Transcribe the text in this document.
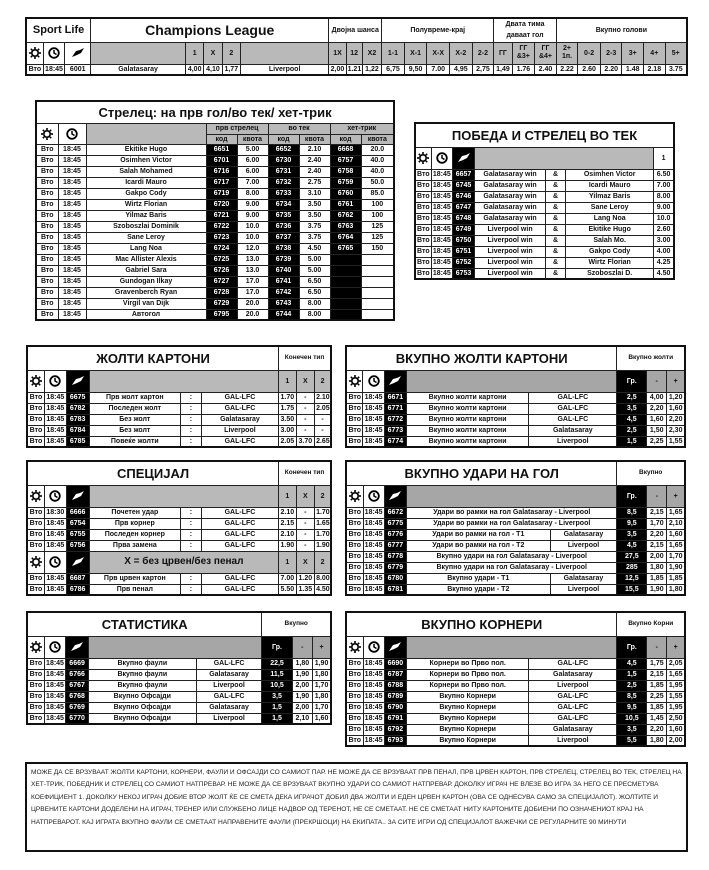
Sport Life			Champions League					Двојна шанса			Полувреме-крај					Двата тима даваат гол			Вкупно голови					

		1	X	2		1X	12	X2	1-1	X-1	X-X	X-2	2-2	ГГ	ГГ &3+	ГГ &4+	2+ 1п.	0-2	2-3	3+	4+	5+
Вто	18:45	6001	Galatasaray	4,00	4,10	1,77	Liverpool	2,00	1.21	1,22	6,75	9,50	7.00	4,95	2,75	1,49	1.76	2.40	2.22	2.60	2.20	1.48	2.18	3.75
Стрелец: на прв гол/во тек/ хет-трик								

		прв стрелец		во тек		хет-трик	
			код	квота	код	квота	код	квота
Вто	18:45	Ekitike Hugo	6651	5.00	6652	2.10	6668	20.0
Вто	18:45	Osimhen Victor	6701	6.00	6730	2.40	6757	40.0
Вто	18:45	Salah Mohamed	6716	6.00	6731	2.40	6758	40.0
Вто	18:45	Icardi Mauro	6717	7.00	6732	2.75	6759	50.0
Вто	18:45	Gakpo Cody	6719	8.00	6733	3.10	6760	85.0
Вто	18:45	Wirtz Florian	6720	9.00	6734	3.50	6761	100
Вто	18:45	Yilmaz Baris	6721	9.00	6735	3.50	6762	100
Вто	18:45	Szoboszlai Dominik	6722	10.0	6736	3.75	6763	125
Вто	18:45	Sane Leroy	6723	10.0	6737	3.75	6764	125
Вто	18:45	Lang Noa	6724	12.0	6738	4.50	6765	150
Вто	18:45	Mac Allister Alexis	6725	13.0	6739	5.00		
Вто	18:45	Gabriel Sara	6726	13.0	6740	5.00		
Вто	18:45	Gundogan Ilkay	6727	17.0	6741	6.50		
Вто	18:45	Gravenberch Ryan	6728	17.0	6742	6.50		
Вто	18:45	Virgil van Dijk	6729	20.0	6743	8.00		
Вто	18:45	Автогол	6795	20.0	6744	8.00		
ПОБЕДА И СТРЕЛЕЦ ВО ТЕК						

		1
Вто	18:45	6657	Galatasaray win	&	Osimhen Victor	6.50
Вто	18:45	6745	Galatasaray win	&	Icardi Mauro	7.00
Вто	18:45	6746	Galatasaray win	&	Yilmaz Baris	8.00
Вто	18:45	6747	Galatasaray win	&	Sane Leroy	9.00
Вто	18:45	6748	Galatasaray win	&	Lang Noa	10.0
Вто	18:45	6749	Liverpool win	&	Ekitike Hugo	2.60
Вто	18:45	6750	Liverpool win	&	Salah Mo.	3.00
Вто	18:45	6751	Liverpool win	&	Gakpo Cody	4.00
Вто	18:45	6752	Liverpool win	&	Wirtz Florian	4.25
Вто	18:45	6753	Liverpool win	&	Szoboszlai D.	4.50
ЖОЛТИ КАРТОНИ						Конечен тип		

		1	X	2
Вто	18:45	6675	Прв жолт картон	:	GAL-LFC	1.70	-	2.10
Вто	18:45	6782	Последен жолт	:	GAL-LFC	1.75	-	2.05
Вто	18:45	6783	Без жолт	:	Galatasaray	3.50	-	-
Вто	18:45	6784	Без жолт	:	Liverpool	3.00	-	-
Вто	18:45	6785	Повеќе жолти	:	GAL-LFC	2.05	3.70	2.65
ВКУПНО ЖОЛТИ КАРТОНИ					Вкупно жолти		

		Гр.	-	+
Вто	18:45	6671	Вкупно жолти картони	GAL-LFC	2,5	4,00	1,20
Вто	18:45	6771	Вкупно жолти картони	GAL-LFC	3,5	2,20	1,60
Вто	18:45	6772	Вкупно жолти картони	GAL-LFC	4,5	1,60	2,20
Вто	18:45	6773	Вкупно жолти картони	Galatasaray	2,5	1,50	2,30
Вто	18:45	6774	Вкупно жолти картони	Liverpool	1,5	2,25	1,55
СПЕЦИЈАЛ						Конечен тип		

		1	X	2
Вто	18:30	6666	Почетен удар	:	GAL-LFC	2.10	-	1.70
Вто	18:45	6754	Прв корнер	:	GAL-LFC	2.15	-	1.65
Вто	18:45	6755	Последен корнер	:	GAL-LFC	2.10	-	1.70
Вто	18:45	6756	Прва замена	:	GAL-LFC	1.90	-	1.90

	X = без црвен/без пенал			1	X	2
Вто	18:45	6687	Прв црвен картон	:	GAL-LFC	7.00	1.20	8.00
Вто	18:45	6786	Прв пенал	:	GAL-LFC	5.50	1.35	4.50
ВКУПНО УДАРИ НА ГОЛ					Вкупно		

		Гр.	-	+
Вто	18:45	6672	Удари во рамки на гол Galatasaray - Liverpool		8,5	2,15	1,65
Вто	18:45	6775	Удари во рамки на гол Galatasaray - Liverpool		9,5	1,70	2,10
Вто	18:45	6776	Удари во рамки на гол - Т1	Galatasaray	3,5	2,20	1,60
Вто	18:45	6777	Удари во рамки на гол - Т2	Liverpool	4,5	2,15	1,65
Вто	18:45	6778	Вкупно удари на гол Galatasaray - Liverpool		27,5	2,00	1,70
Вто	18:45	6779	Вкупно удари на гол Galatasaray - Liverpool		285	1,80	1,90
Вто	18:45	6780	Вкупно удари - Т1	Galatasaray	12,5	1,85	1,85
Вто	18:45	6781	Вкупно удари - Т2	Liverpool	15,5	1,90	1,80
СТАТИСТИКА					Вкупно		

		Гр.	-	+
Вто	18:45	6669	Вкупно фаули	GAL-LFC	22,5	1,80	1,90
Вто	18:45	6766	Вкупно фаули	Galatasaray	11,5	1,90	1,80
Вто	18:45	6767	Вкупно фаули	Liverpool	10,5	2,00	1,70
Вто	18:45	6768	Вкупно Офсајди	GAL-LFC	3,5	1,90	1,80
Вто	18:45	6769	Вкупно Офсајди	Galatasaray	1,5	2,00	1,70
Вто	18:45	6770	Вкупно Офсајди	Liverpool	1,5	2,10	1,60
ВКУПНО КОРНЕРИ					Вкупно Корни		

		Гр.	-	+
Вто	18:45	6690	Корнери во Прво пол.	GAL-LFC	4,5	1,75	2,05
Вто	18:45	6787	Корнери во Прво пол.	Galatasaray	1,5	2,15	1,65
Вто	18:45	6788	Корнери во Прво пол.	Liverpool	2,5	1,85	1,95
Вто	18:45	6789	Вкупно Корнери	GAL-LFC	8,5	2,25	1,55
Вто	18:45	6790	Вкупно Корнери	GAL-LFC	9,5	1,85	1,95
Вто	18:45	6791	Вкупно Корнери	GAL-LFC	10,5	1,45	2,50
Вто	18:45	6792	Вкупно Корнери	Galatasaray	3,5	2,20	1,60
Вто	18:45	6793	Вкупно Корнери	Liverpool	5,5	1,80	2,00
МОЖЕ ДА СЕ ВРЗУВААТ ЖОЛТИ КАРТОНИ, КОРНЕРИ, ФАУЛИ И ОФСАЈДИ СО САМИОТ ПАР. НЕ МОЖЕ ДА СЕ ВРЗУВААТ ПРВ ПЕНАЛ, ПРВ ЦРВЕН КАРТОН, ПРВ СТРЕЛЕЦ, СТРЕЛЕЦ ВО ТЕК, СТРЕЛЕЦ НА ХЕТ-ТРИК, ПОБЕДНИК И СТРЕЛЕЦ СО САМИОТ НАТПРЕВАР. НЕ МОЖЕ ДА СЕ ВРЗУВААТ ВКУПНО УДАРИ СО САМИОТ НАТПРЕВАР. ДОКОЛКУ ИГРАЧ НЕ ВЛЕЗЕ ВО ИГРА ЗА НЕГО СЕ ПРЕСМЕТУВА КОЕФИЦИЕНТ 1. ДОКОЛКУ НЕКОЈ ИГРАЧ ДОБИЕ ВТОР ЖОЛТ ЌЕ СЕ СМЕТА ДЕКА ИГРАЧОТ ДОБИЛ ДВА ЖОЛТИ И ЕДЕН ЦРВЕН КАРТОН (ОВА СЕ ОДНЕСУВА САМО ЗА СПЕЦИЈАЛОТ). ЖОЛТИТЕ И ЦРВЕНИТЕ КАРТОНИ ДОДЕЛЕНИ НА ИГРАЧ, ТРЕНЕР ИЛИ СЛУЖБЕНО ЛИЦЕ НАДВОР ОД ТЕРЕНОТ, НЕ СЕ СМЕТААТ. НЕ СЕ СМЕТААТ НИТУ КАРТОНИТЕ ДОБИЕНИ ПО ОЗНАЧЕНИОТ КРАЈ НА НАТПРЕВАРОТ. КАЈ ИГРАТА ВКУПНО ФАУЛИ СЕ СМЕТААТ НАПРАВЕНИТЕ ФАУЛИ (ПРЕКРШОЦИ) НА ЕКИПАТА.. ЗА СИТЕ ИГРИ ОД СПЕЦИЈАЛОТ ВАЖЕЧКИ СЕ РЕГУЛАРНИТЕ 90 МИНУТИ
